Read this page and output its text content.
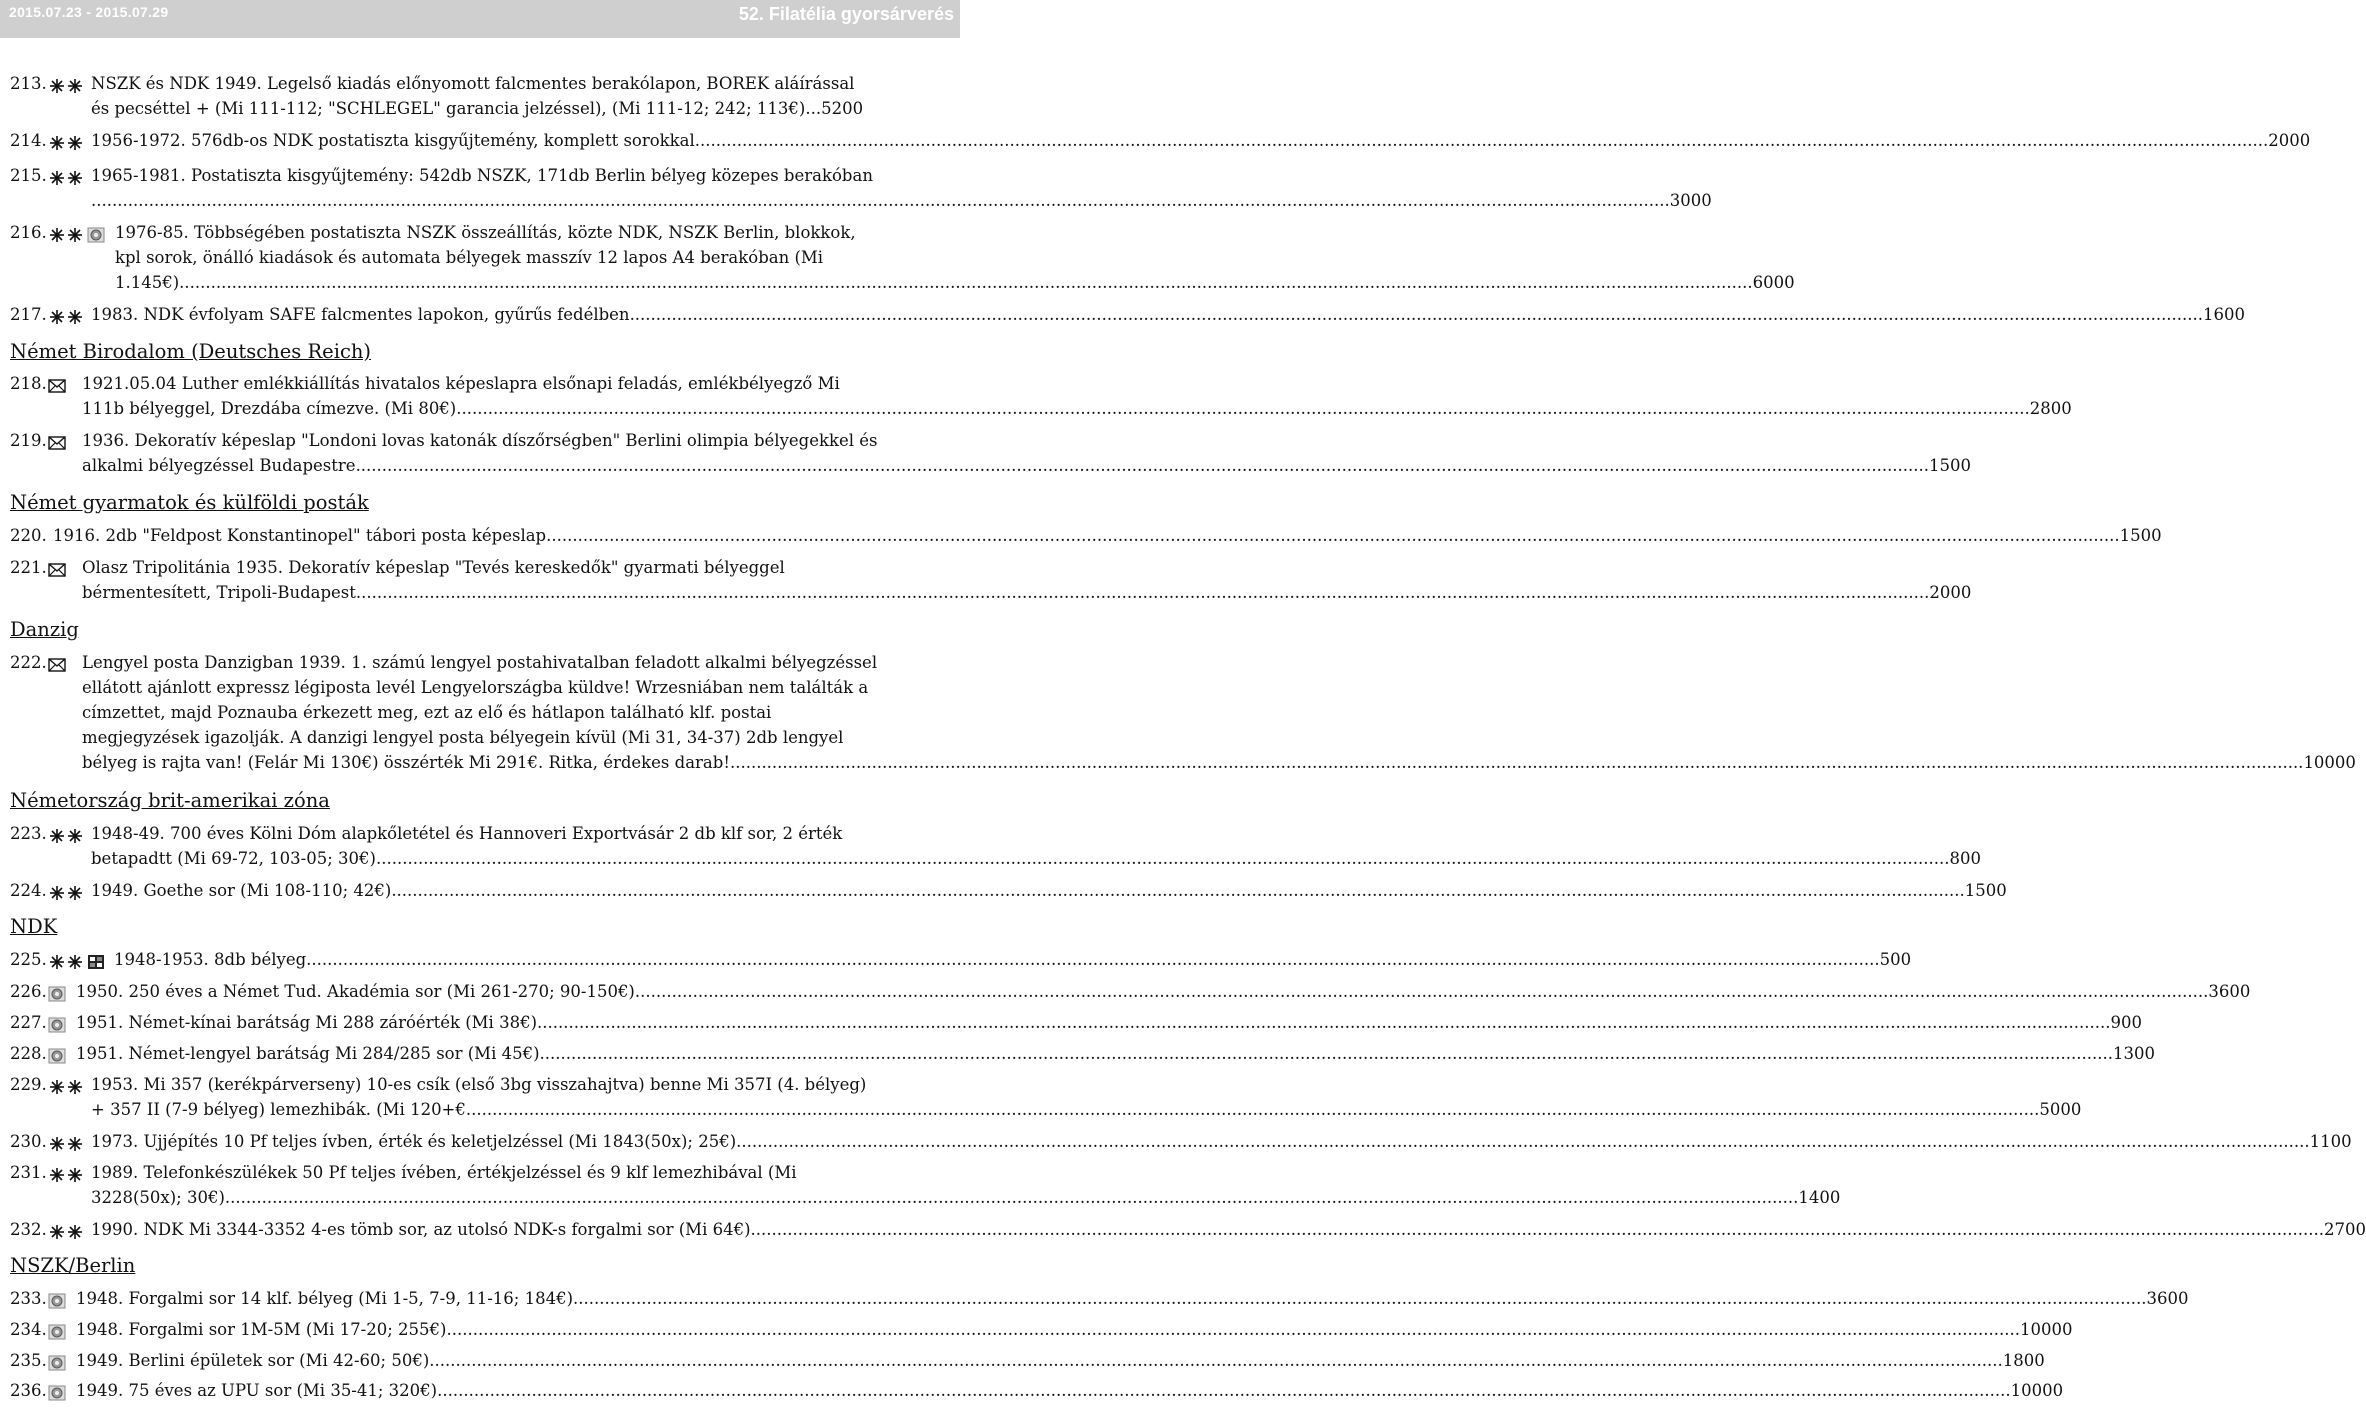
2015.07.23 - 2015.07.29	52. Filatélia gyorsárverés
213.	NSZK és NDK 1949. Legelső kiadás előnyomott falcmentes berakólapon, BOREK aláírással
és pecséttel + (Mi 111-112; "SCHLEGEL" garancia jelzéssel), (Mi 111-12; 242; 113€)...5200
214.	1956-1972. 576db-os NDK postatiszta kisgyűjtemény, komplett sorokkal ............................................................................................................................................................................................................................................................................................................ 2000
215.	1965-1981. Postatiszta kisgyűjtemény: 542db NSZK, 171db Berlin bélyeg közepes berakóban
. ............................................................................................................................................................................................................................................................................................................ 3000
216.	1976-85. Többségében postatiszta NSZK összeállítás, közte NDK, NSZK Berlin, blokkok,
kpl sorok, önálló kiadások és automata bélyegek masszív 12 lapos A4 berakóban (Mi
1.145€) ............................................................................................................................................................................................................................................................................................................ 6000
217.	1983. NDK évfolyam SAFE falcmentes lapokon, gyűrűs fedélben ............................................................................................................................................................................................................................................................................................................ 1600
Német Birodalom (Deutsches Reich)
218. 1921.05.04 Luther emlékkiállítás hivatalos képeslapra elsőnapi feladás, emlékbélyegző Mi
111b bélyeggel, Drezdába címezve. (Mi 80€) ............................................................................................................................................................................................................................................................................................................ 2800
219. 1936. Dekoratív képeslap "Londoni lovas katonák díszőrségben" Berlini olimpia bélyegekkel és
alkalmi bélyegzéssel Budapestre ............................................................................................................................................................................................................................................................................................................ 1500
Német gyarmatok és külföldi posták
220. 1916. 2db "Feldpost Konstantinopel" tábori posta képeslap ............................................................................................................................................................................................................................................................................................................ 1500
221. Olasz Tripolitánia 1935. Dekoratív képeslap "Tevés kereskedők" gyarmati bélyeggel
bérmentesített, Tripoli-Budapest ............................................................................................................................................................................................................................................................................................................ 2000
Danzig
222. Lengyel posta Danzigban 1939. 1. számú lengyel postahivatalban feladott alkalmi bélyegzéssel
ellátott ajánlott expressz légiposta levél Lengyelországba küldve! Wrzesniában nem találták a
címzettet, majd Poznauba érkezett meg, ezt az elő és hátlapon található klf. postai
megjegyzések igazolják. A danzigi lengyel posta bélyegein kívül (Mi 31, 34-37) 2db lengyel
bélyeg is rajta van! (Felár Mi 130€) összérték Mi 291€. Ritka, érdekes darab! ............................................................................................................................................................................................................................................................................................................ 10000
Németország brit-amerikai zóna
223.	1948-49. 700 éves Kölni Dóm alapkőletétel és Hannoveri Exportvásár 2 db klf sor, 2 érték
betapadtt (Mi 69-72, 103-05; 30€) ............................................................................................................................................................................................................................................................................................................ 800
224.	1949. Goethe sor (Mi 108-110; 42€) ............................................................................................................................................................................................................................................................................................................ 1500
NDK
225.	1948-1953. 8db bélyeg ............................................................................................................................................................................................................................................................................................................ 500
226. 1950. 250 éves a Német Tud. Akadémia sor (Mi 261-270; 90-150€) ............................................................................................................................................................................................................................................................................................................ 3600
227. 1951. Német-kínai barátság Mi 288 záróérték (Mi 38€) ............................................................................................................................................................................................................................................................................................................ 900
228. 1951. Német-lengyel barátság Mi 284/285 sor (Mi 45€) ............................................................................................................................................................................................................................................................................................................ 1300
229.	1953. Mi 357 (kerékpárverseny) 10-es csík (első 3bg visszahajtva) benne Mi 357I (4. bélyeg)
+ 357 II (7-9 bélyeg) lemezhibák. (Mi 120+€ ............................................................................................................................................................................................................................................................................................................ 5000
230.	1973. Ujjépítés 10 Pf teljes ívben, érték és keletjelzéssel (Mi 1843(50x); 25€) ............................................................................................................................................................................................................................................................................................................ 1100
231.	1989. Telefonkészülékek 50 Pf teljes ívében, értékjelzéssel és 9 klf lemezhibával (Mi
3228(50x); 30€) ............................................................................................................................................................................................................................................................................................................ 1400
232.	1990. NDK Mi 3344-3352 4-es tömb sor, az utolsó NDK-s forgalmi sor (Mi 64€) ............................................................................................................................................................................................................................................................................................................ 2700
NSZK/Berlin
233. 1948. Forgalmi sor 14 klf. bélyeg (Mi 1-5, 7-9, 11-16; 184€) ............................................................................................................................................................................................................................................................................................................ 3600
234. 1948. Forgalmi sor 1M-5M (Mi 17-20; 255€) ............................................................................................................................................................................................................................................................................................................ 10000
235. 1949. Berlini épületek sor (Mi 42-60; 50€) ............................................................................................................................................................................................................................................................................................................ 1800
236. 1949. 75 éves az UPU sor (Mi 35-41; 320€) ............................................................................................................................................................................................................................................................................................................ 10000
